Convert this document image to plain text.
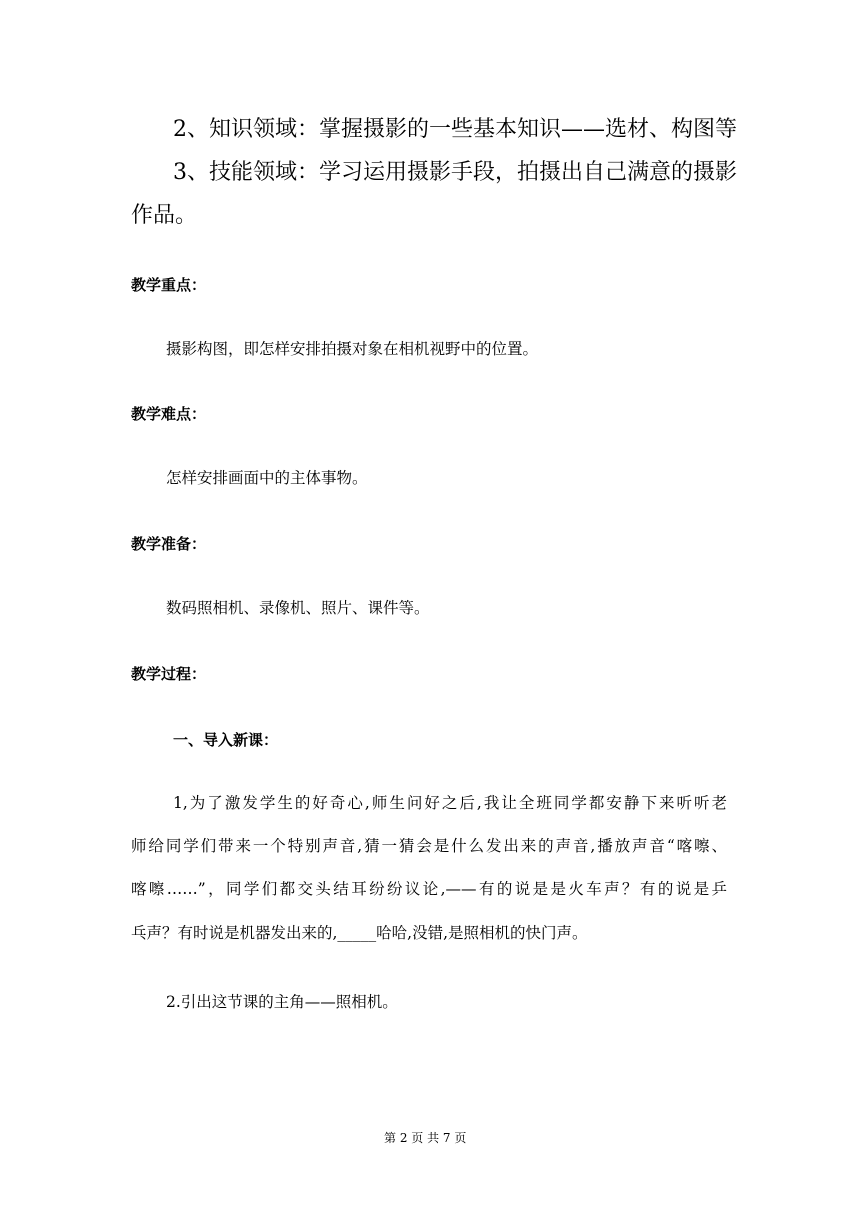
2、知识领域：掌握摄影的一些基本知识——选材、构图等
3、技能领域：学习运用摄影手段，拍摄出自己满意的摄影
作品。
教学重点：
摄影构图，即怎样安排拍摄对象在相机视野中的位置。
教学难点：
怎样安排画面中的主体事物。
教学准备：
数码照相机、录像机、照片、课件等。
教学过程：
一、导入新课：
1,为了激发学生的好奇心,师生问好之后,我让全班同学都安静下来听听老
师给同学们带来一个特别声音,猜一猜会是什么发出来的声音,播放声音“喀嚓、
喀嚓……”，同学们都交头结耳纷纷议论,——有的说是是火车声？有的说是乒
乓声？有时说是机器发出来的,_____哈哈,没错,是照相机的快门声。
2.引出这节课的主角——照相机。
第 2 页 共 7 页
